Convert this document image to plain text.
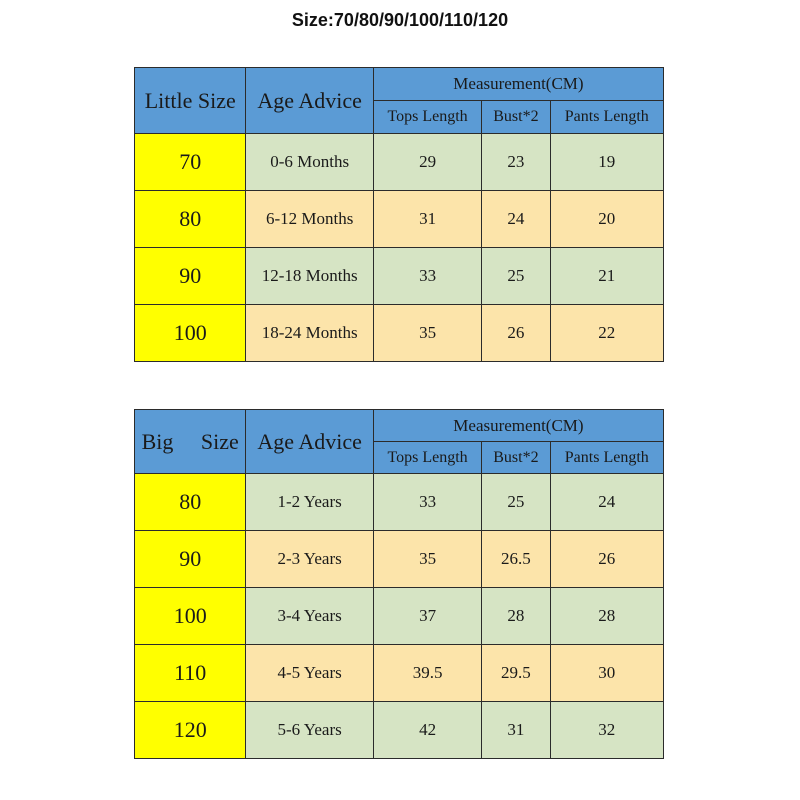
Size:70/80/90/100/110/120
Little Size	Age Advice	Measurement(CM)		
		Tops Length	Bust*2	Pants Length
70	0-6 Months	29	23	19
80	6-12 Months	31	24	20
90	12-18 Months	33	25	21
100	18-24 Months	35	26	22
Big Size	Age Advice	Measurement(CM)		
		Tops Length	Bust*2	Pants Length
80	1-2 Years	33	25	24
90	2-3 Years	35	26.5	26
100	3-4 Years	37	28	28
110	4-5 Years	39.5	29.5	30
120	5-6 Years	42	31	32
